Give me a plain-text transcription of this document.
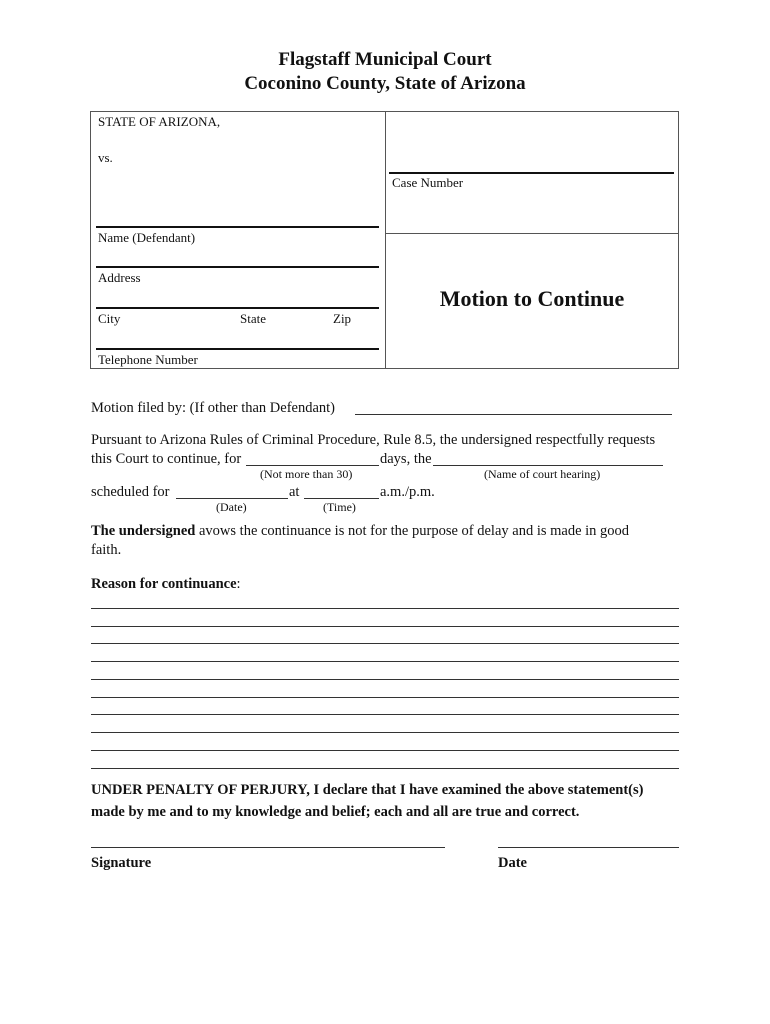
Flagstaff Municipal Court
Coconino County, State of Arizona
STATE OF ARIZONA,
vs.
Case Number
Name (Defendant)
Address
City	State	Zip
Telephone Number
Motion to Continue
Motion filed by: (If other than Defendant)
Pursuant to Arizona Rules of Criminal Procedure, Rule 8.5, the undersigned respectfully requests
this Court to continue, for	days, the
(Not more than 30)	(Name of court hearing)
scheduled for	at	a.m./p.m.
(Date)	(Time)
The undersigned avows the continuance is not for the purpose of delay and is made in good
faith.
Reason for continuance:
UNDER PENALTY OF PERJURY, I declare that I have examined the above statement(s)
made by me and to my knowledge and belief; each and all are true and correct.
Signature	Date
